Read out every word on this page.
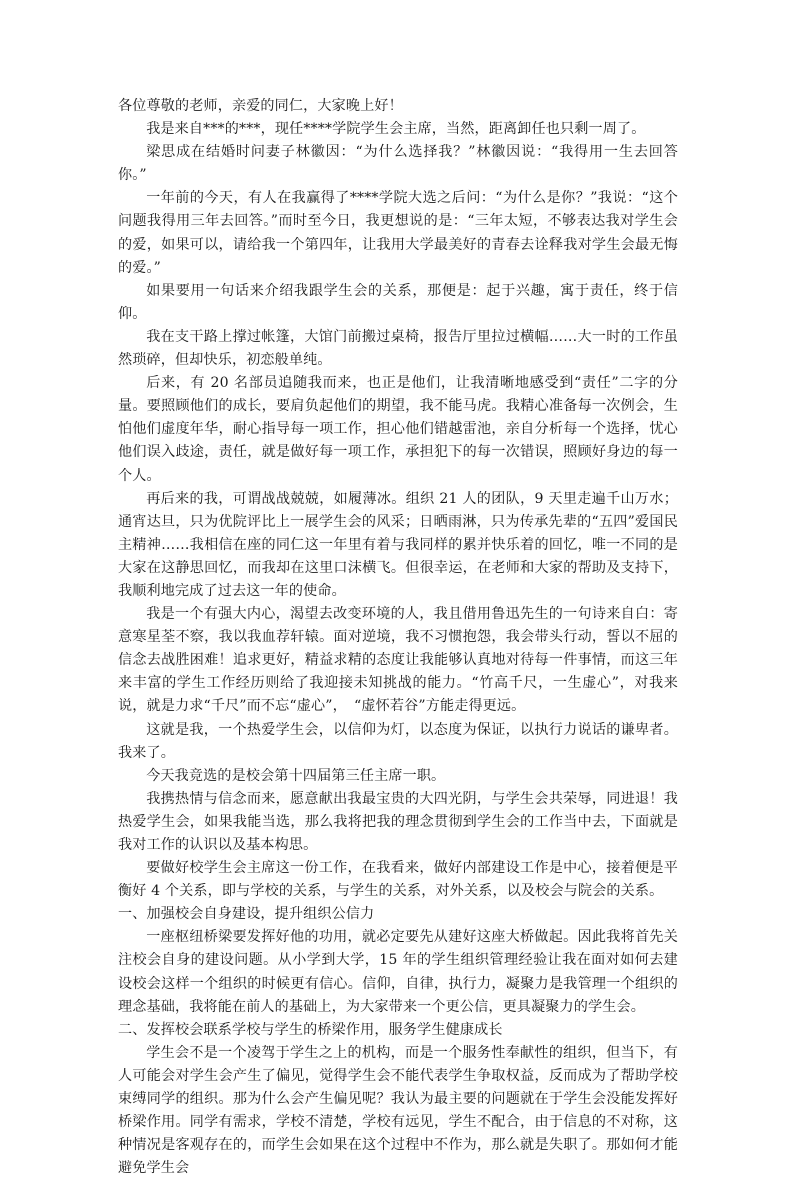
各位尊敬的老师，亲爱的同仁，大家晚上好！

我是来自***的***，现任****学院学生会主席，当然，距离卸任也只剩一周了。

梁思成在结婚时问妻子林徽因：“为什么选择我？”林徽因说：“我得用一生去回答你。”

一年前的今天，有人在我赢得了****学院大选之后问：“为什么是你？”我说：“这个问题我得用三年去回答。”而时至今日，我更想说的是：“三年太短，不够表达我对学生会的爱，如果可以，请给我一个第四年，让我用大学最美好的青春去诠释我对学生会最无悔的爱。”

如果要用一句话来介绍我跟学生会的关系，那便是：起于兴趣，寓于责任，终于信仰。

我在支干路上撑过帐篷，大馆门前搬过桌椅，报告厅里拉过横幅……大一时的工作虽然琐碎，但却快乐，初恋般单纯。

后来，有 20 名部员追随我而来，也正是他们，让我清晰地感受到“责任”二字的分量。要照顾他们的成长，要肩负起他们的期望，我不能马虎。我精心准备每一次例会，生怕他们虚度年华，耐心指导每一项工作，担心他们错越雷池，亲自分析每一个选择，忧心他们误入歧途，责任，就是做好每一项工作，承担犯下的每一次错误，照顾好身边的每一个人。

再后来的我，可谓战战兢兢，如履薄冰。组织 21 人的团队，9 天里走遍千山万水；通宵达旦，只为优院评比上一展学生会的风采；日晒雨淋，只为传承先辈的“五四”爱国民主精神……我相信在座的同仁这一年里有着与我同样的累并快乐着的回忆，唯一不同的是大家在这静思回忆，而我却在这里口沫横飞。但很幸运，在老师和大家的帮助及支持下，我顺利地完成了过去这一年的使命。

我是一个有强大内心，渴望去改变环境的人，我且借用鲁迅先生的一句诗来自白：寄意寒星荃不察，我以我血荐轩辕。面对逆境，我不习惯抱怨，我会带头行动，誓以不屈的信念去战胜困难！追求更好，精益求精的态度让我能够认真地对待每一件事情，而这三年来丰富的学生工作经历则给了我迎接未知挑战的能力。“竹高千尺，一生虚心”，对我来说，就是力求“千尺”而不忘“虚心”，　“虚怀若谷”方能走得更远。

这就是我，一个热爱学生会，以信仰为灯，以态度为保证，以执行力说话的谦卑者。我来了。

今天我竞选的是校会第十四届第三任主席一职。

我携热情与信念而来，愿意献出我最宝贵的大四光阴，与学生会共荣辱，同进退！我热爱学生会，如果我能当选，那么我将把我的理念贯彻到学生会的工作当中去，下面就是我对工作的认识以及基本构思。

要做好校学生会主席这一份工作，在我看来，做好内部建设工作是中心，接着便是平衡好 4 个关系，即与学校的关系，与学生的关系，对外关系，以及校会与院会的关系。

一、加强校会自身建设，提升组织公信力

一座枢纽桥梁要发挥好他的功用，就必定要先从建好这座大桥做起。因此我将首先关注校会自身的建设问题。从小学到大学，15 年的学生组织管理经验让我在面对如何去建设校会这样一个组织的时候更有信心。信仰，自律，执行力，凝聚力是我管理一个组织的理念基础，我将能在前人的基础上，为大家带来一个更公信，更具凝聚力的学生会。

二、发挥校会联系学校与学生的桥梁作用，服务学生健康成长

学生会不是一个凌驾于学生之上的机构，而是一个服务性奉献性的组织，但当下，有人可能会对学生会产生了偏见，觉得学生会不能代表学生争取权益，反而成为了帮助学校束缚同学的组织。那为什么会产生偏见呢？我认为最主要的问题就在于学生会没能发挥好桥梁作用。同学有需求，学校不清楚，学校有远见，学生不配合，由于信息的不对称，这种情况是客观存在的，而学生会如果在这个过程中不作为，那么就是失职了。那如何才能避免学生会
